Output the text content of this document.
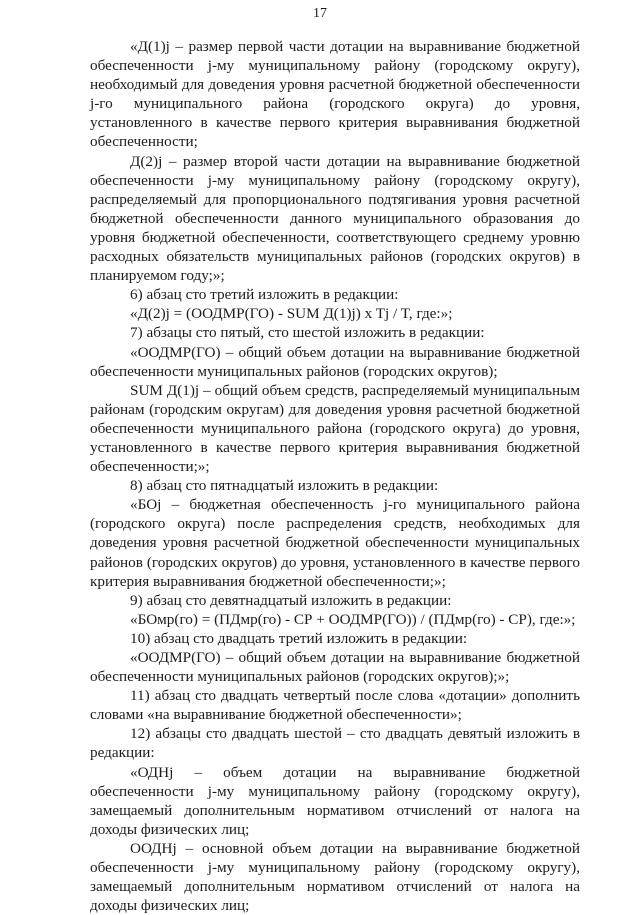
17

«Д(1)j – размер первой части дотации на выравнивание бюджетной обеспеченности j-му муниципальному району (городскому округу), необходимый для доведения уровня расчетной бюджетной обеспеченности j-го муниципального района (городского округа) до уровня, установленного в качестве первого критерия выравнивания бюджетной обеспеченности;

Д(2)j – размер второй части дотации на выравнивание бюджетной обеспеченности j-му муниципальному району (городскому округу), распределяемый для пропорционального подтягивания уровня расчетной бюджетной обеспеченности данного муниципального образования до уровня бюджетной обеспеченности, соответствующего среднему уровню расходных обязательств муниципальных районов (городских округов) в планируемом году;»;

6) абзац сто третий изложить в редакции:

«Д(2)j = (ООДМР(ГО) - SUM Д(1)j) x Tj / T, где:»;

7) абзацы сто пятый, сто шестой изложить в редакции:

«ООДМР(ГО) – общий объем дотации на выравнивание бюджетной обеспеченности муниципальных районов (городских округов);

SUM Д(1)j – общий объем средств, распределяемый муниципальным районам (городским округам) для доведения уровня расчетной бюджетной обеспеченности муниципального района (городского округа) до уровня, установленного в качестве первого критерия выравнивания бюджетной обеспеченности;»;

8) абзац сто пятнадцатый изложить в редакции:

«БОj – бюджетная обеспеченность j-го муниципального района (городского округа) после распределения средств, необходимых для доведения уровня расчетной бюджетной обеспеченности муниципальных районов (городских округов) до уровня, установленного в качестве первого критерия выравнивания бюджетной обеспеченности;»;

9) абзац сто девятнадцатый изложить в редакции:

«БОмр(го) = (ПДмр(го) - СР + ООДМР(ГО)) / (ПДмр(го) - СР), где:»;

10) абзац сто двадцать третий изложить в редакции:

«ООДМР(ГО) – общий объем дотации на выравнивание бюджетной обеспеченности муниципальных районов (городских округов);»;

11) абзац сто двадцать четвертый после слова «дотации» дополнить словами «на выравнивание бюджетной обеспеченности»;

12) абзацы сто двадцать шестой – сто двадцать девятый изложить в редакции:

«ОДНj – объем дотации на выравнивание бюджетной обеспеченности j-му муниципальному району (городскому округу), замещаемый дополнительным нормативом отчислений от налога на доходы физических лиц;

ООДНj – основной объем дотации на выравнивание бюджетной обеспеченности j-му муниципальному району (городскому округу), замещаемый дополнительным нормативом отчислений от налога на доходы физических лиц;
